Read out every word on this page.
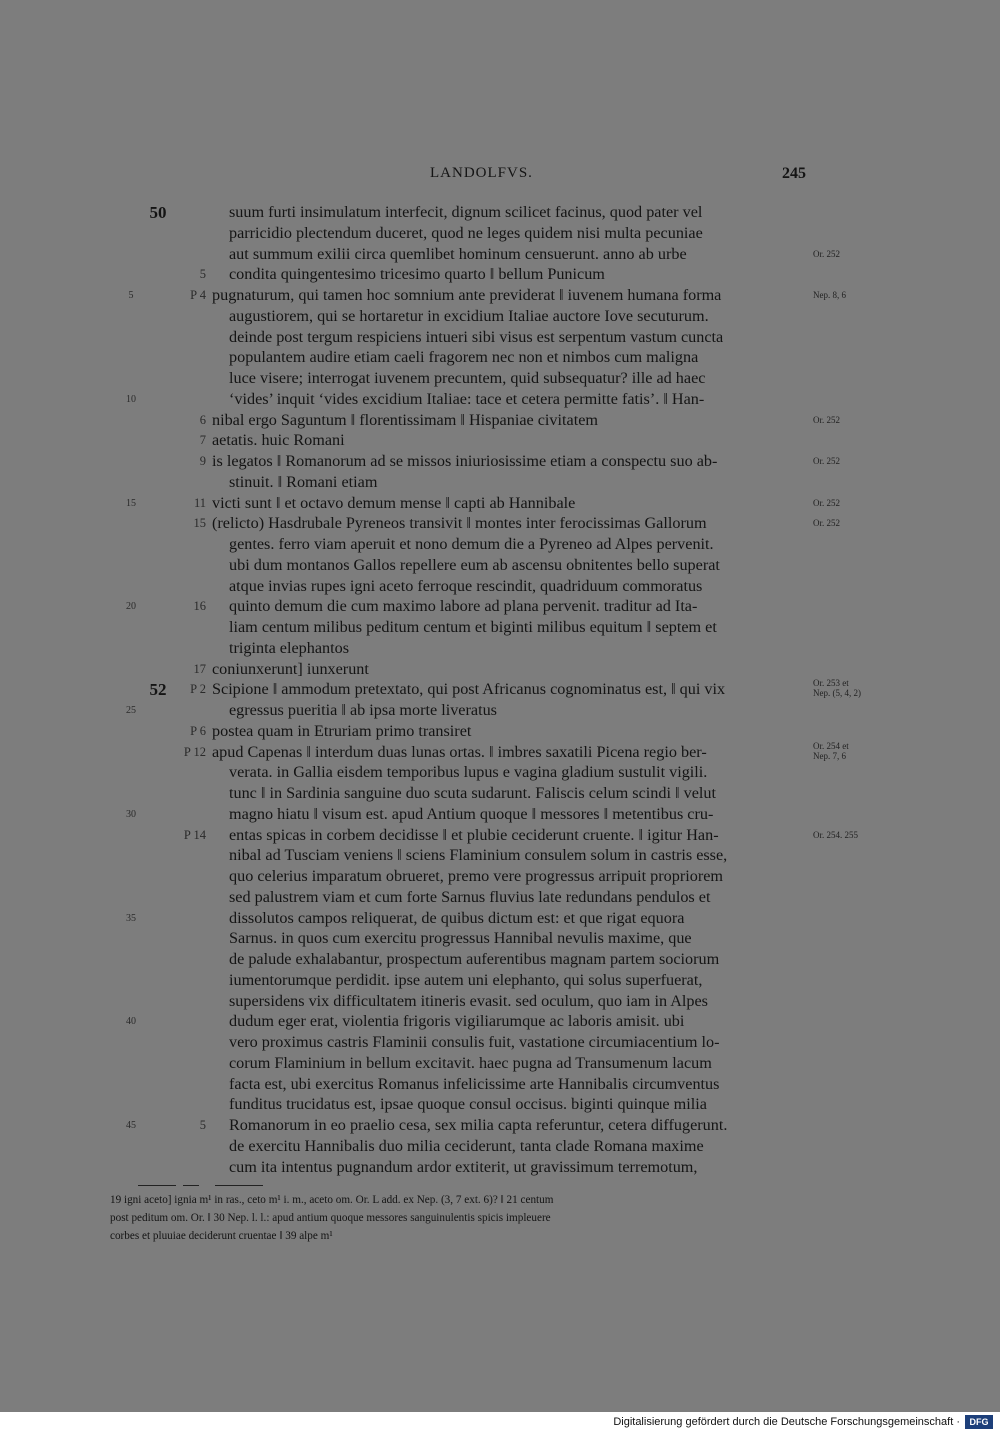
LANDOLFVS.	245
50	suum furti insimulatum interfecit, dignum scilicet facinus, quod pater vel
parricidio plectendum duceret, quod ne leges quidem nisi multa pecuniae
aut summum exilii circa quemlibet hominum censuerunt. anno ab urbe	Or. 252
5 condita quingentesimo tricesimo quarto ‖ bellum Punicum
5	P 4 pugnaturum, qui tamen hoc somnium ante previderat ‖ iuvenem humana forma	Nep. 8, 6
augustiorem, qui se hortaretur in excidium Italiae auctore Iove secuturum.
deinde post tergum respiciens intueri sibi visus est serpentum vastum cuncta
populantem audire etiam caeli fragorem nec non et nimbos cum maligna
luce visere; interrogat iuvenem precuntem, quid subsequatur? ille ad haec
10	‘vides’ inquit ‘vides excidium Italiae: tace et cetera permitte fatis’. ‖ Han-
6 nibal ergo Saguntum ‖ florentissimam ‖ Hispaniae civitatem	Or. 252
7 aetatis. huic Romani
9 is legatos ‖ Romanorum ad se missos iniuriosissime etiam a conspectu suo ab-	Or. 252
stinuit. ‖ Romani etiam
15	11 victi sunt ‖ et octavo demum mense ‖ capti ab Hannibale	Or. 252
15 (relicto) Hasdrubale Pyreneos transivit ‖ montes inter ferocissimas Gallorum	Or. 252
gentes. ferro viam aperuit et nono demum die a Pyreneo ad Alpes pervenit.
ubi dum montanos Gallos repellere eum ab ascensu obnitentes bello superat
atque invias rupes igni aceto ferroque rescindit, quadriduum commoratus
20	16 quinto demum die cum maximo labore ad plana pervenit. traditur ad Ita-
liam centum milibus peditum centum et biginti milibus equitum ‖ septem et
triginta elephantos
17 coniunxerunt] iunxerunt
52	P 2 Scipione ‖ ammodum pretextato, qui post Africanus cognominatus est, ‖ qui vix	Or. 253 et
Nep. (5, 4, 2)
25	egressus pueritia ‖ ab ipsa morte liveratus
P 6 postea quam in Etruriam primo transiret
P 12 apud Capenas ‖ interdum duas lunas ortas. ‖ imbres saxatili Picena regio ber-	Or. 254 et
Nep. 7, 6
verata. in Gallia eisdem temporibus lupus e vagina gladium sustulit vigili.
tunc ‖ in Sardinia sanguine duo scuta sudarunt. Faliscis celum scindi ‖ velut
30	magno hiatu ‖ visum est. apud Antium quoque ‖ messores ‖ metentibus cru-
P 14 entas spicas in corbem decidisse ‖ et plubie ceciderunt cruente. ‖ igitur Han-	Or. 254. 255
nibal ad Tusciam veniens ‖ sciens Flaminium consulem solum in castris esse,
quo celerius imparatum obrueret, premo vere progressus arripuit propriorem
sed palustrem viam et cum forte Sarnus fluvius late redundans pendulos et
35	dissolutos campos reliquerat, de quibus dictum est: et que rigat equora
Sarnus. in quos cum exercitu progressus Hannibal nevulis maxime, que
de palude exhalabantur, prospectum auferentibus magnam partem sociorum
iumentorumque perdidit. ipse autem uni elephanto, qui solus superfuerat,
supersidens vix difficultatem itineris evasit. sed oculum, quo iam in Alpes
40	dudum eger erat, violentia frigoris vigiliarumque ac laboris amisit. ubi
vero proximus castris Flaminii consulis fuit, vastatione circumiacentium lo-
corum Flaminium in bellum excitavit. haec pugna ad Transumenum lacum
facta est, ubi exercitus Romanus infelicissime arte Hannibalis circumventus
funditus trucidatus est, ipsae quoque consul occisus. biginti quinque milia
45	5 Romanorum in eo praelio cesa, sex milia capta referuntur, cetera diffugerunt.
de exercitu Hannibalis duo milia ceciderunt, tanta clade Romana maxime
cum ita intentus pugnandum ardor extiterit, ut gravissimum terremotum,
19 igni aceto] ignia m¹ in ras., ceto m¹ i. m., aceto om. Or. L add. ex Nep. (3, 7 ext. 6)? ‖ 21 centum
post peditum om. Or. ‖ 30 Nep. l. l.: apud antium quoque messores sanguinulentis spicis impleuere
corbes et pluuiae deciderunt cruentae ‖ 39 alpe m¹
Digitalisierung gefördert durch die Deutsche Forschungsgemeinschaft ·	DFG
